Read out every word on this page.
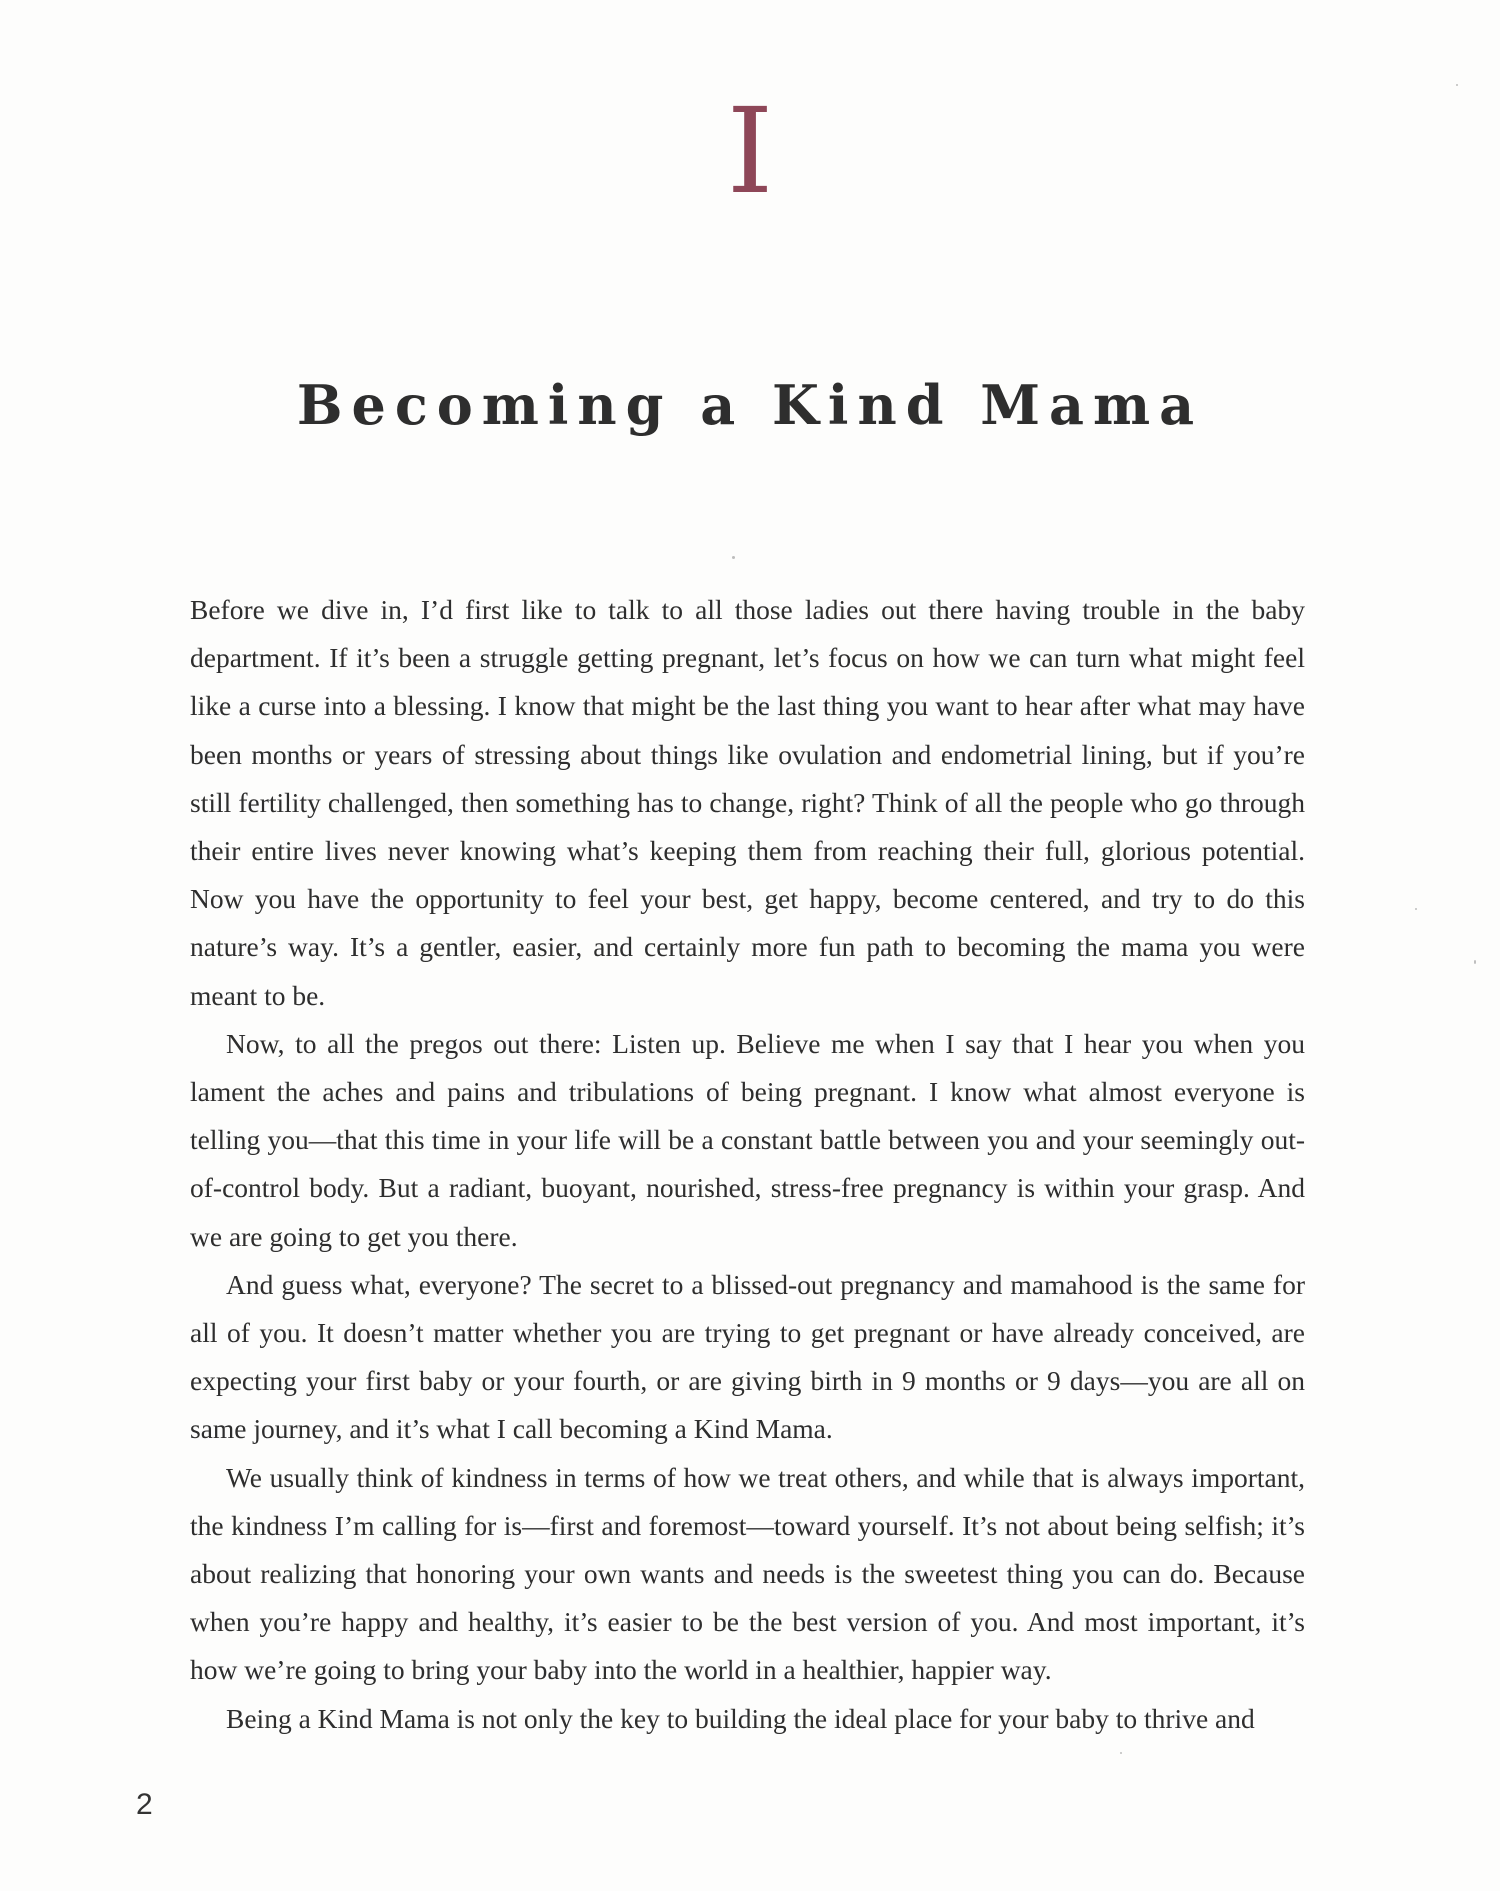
I
Becoming a Kind Mama

Before we dive in, I’d first like to talk to all those ladies out there having trouble in the baby department. If it’s been a struggle getting pregnant, let’s focus on how we can turn what might feel like a curse into a blessing. I know that might be the last thing you want to hear after what may have been months or years of stressing about things like ovulation and endometrial lining, but if you’re still fertility challenged, then something has to change, right? Think of all the people who go through their entire lives never knowing what’s keeping them from reaching their full, glorious potential. Now you have the opportunity to feel your best, get happy, become centered, and try to do this nature’s way. It’s a gentler, easier, and certainly more fun path to becoming the mama you were meant to be.

Now, to all the pregos out there: Listen up. Believe me when I say that I hear you when you lament the aches and pains and tribulations of being pregnant. I know what almost everyone is telling you—that this time in your life will be a constant battle between you and your seemingly out-of-control body. But a radiant, buoyant, nourished, stress-free pregnancy is within your grasp. And we are going to get you there.

And guess what, everyone? The secret to a blissed-out pregnancy and mamahood is the same for all of you. It doesn’t matter whether you are trying to get pregnant or have already conceived, are expecting your first baby or your fourth, or are giving birth in 9 months or 9 days—you are all on same journey, and it’s what I call becoming a Kind Mama.

We usually think of kindness in terms of how we treat others, and while that is always important, the kindness I’m calling for is—first and foremost—toward yourself. It’s not about being selfish; it’s about realizing that honoring your own wants and needs is the sweetest thing you can do. Because when you’re happy and healthy, it’s easier to be the best version of you. And most important, it’s how we’re going to bring your baby into the world in a healthier, happier way.

Being a Kind Mama is not only the key to building the ideal place for your baby to thrive and

2
